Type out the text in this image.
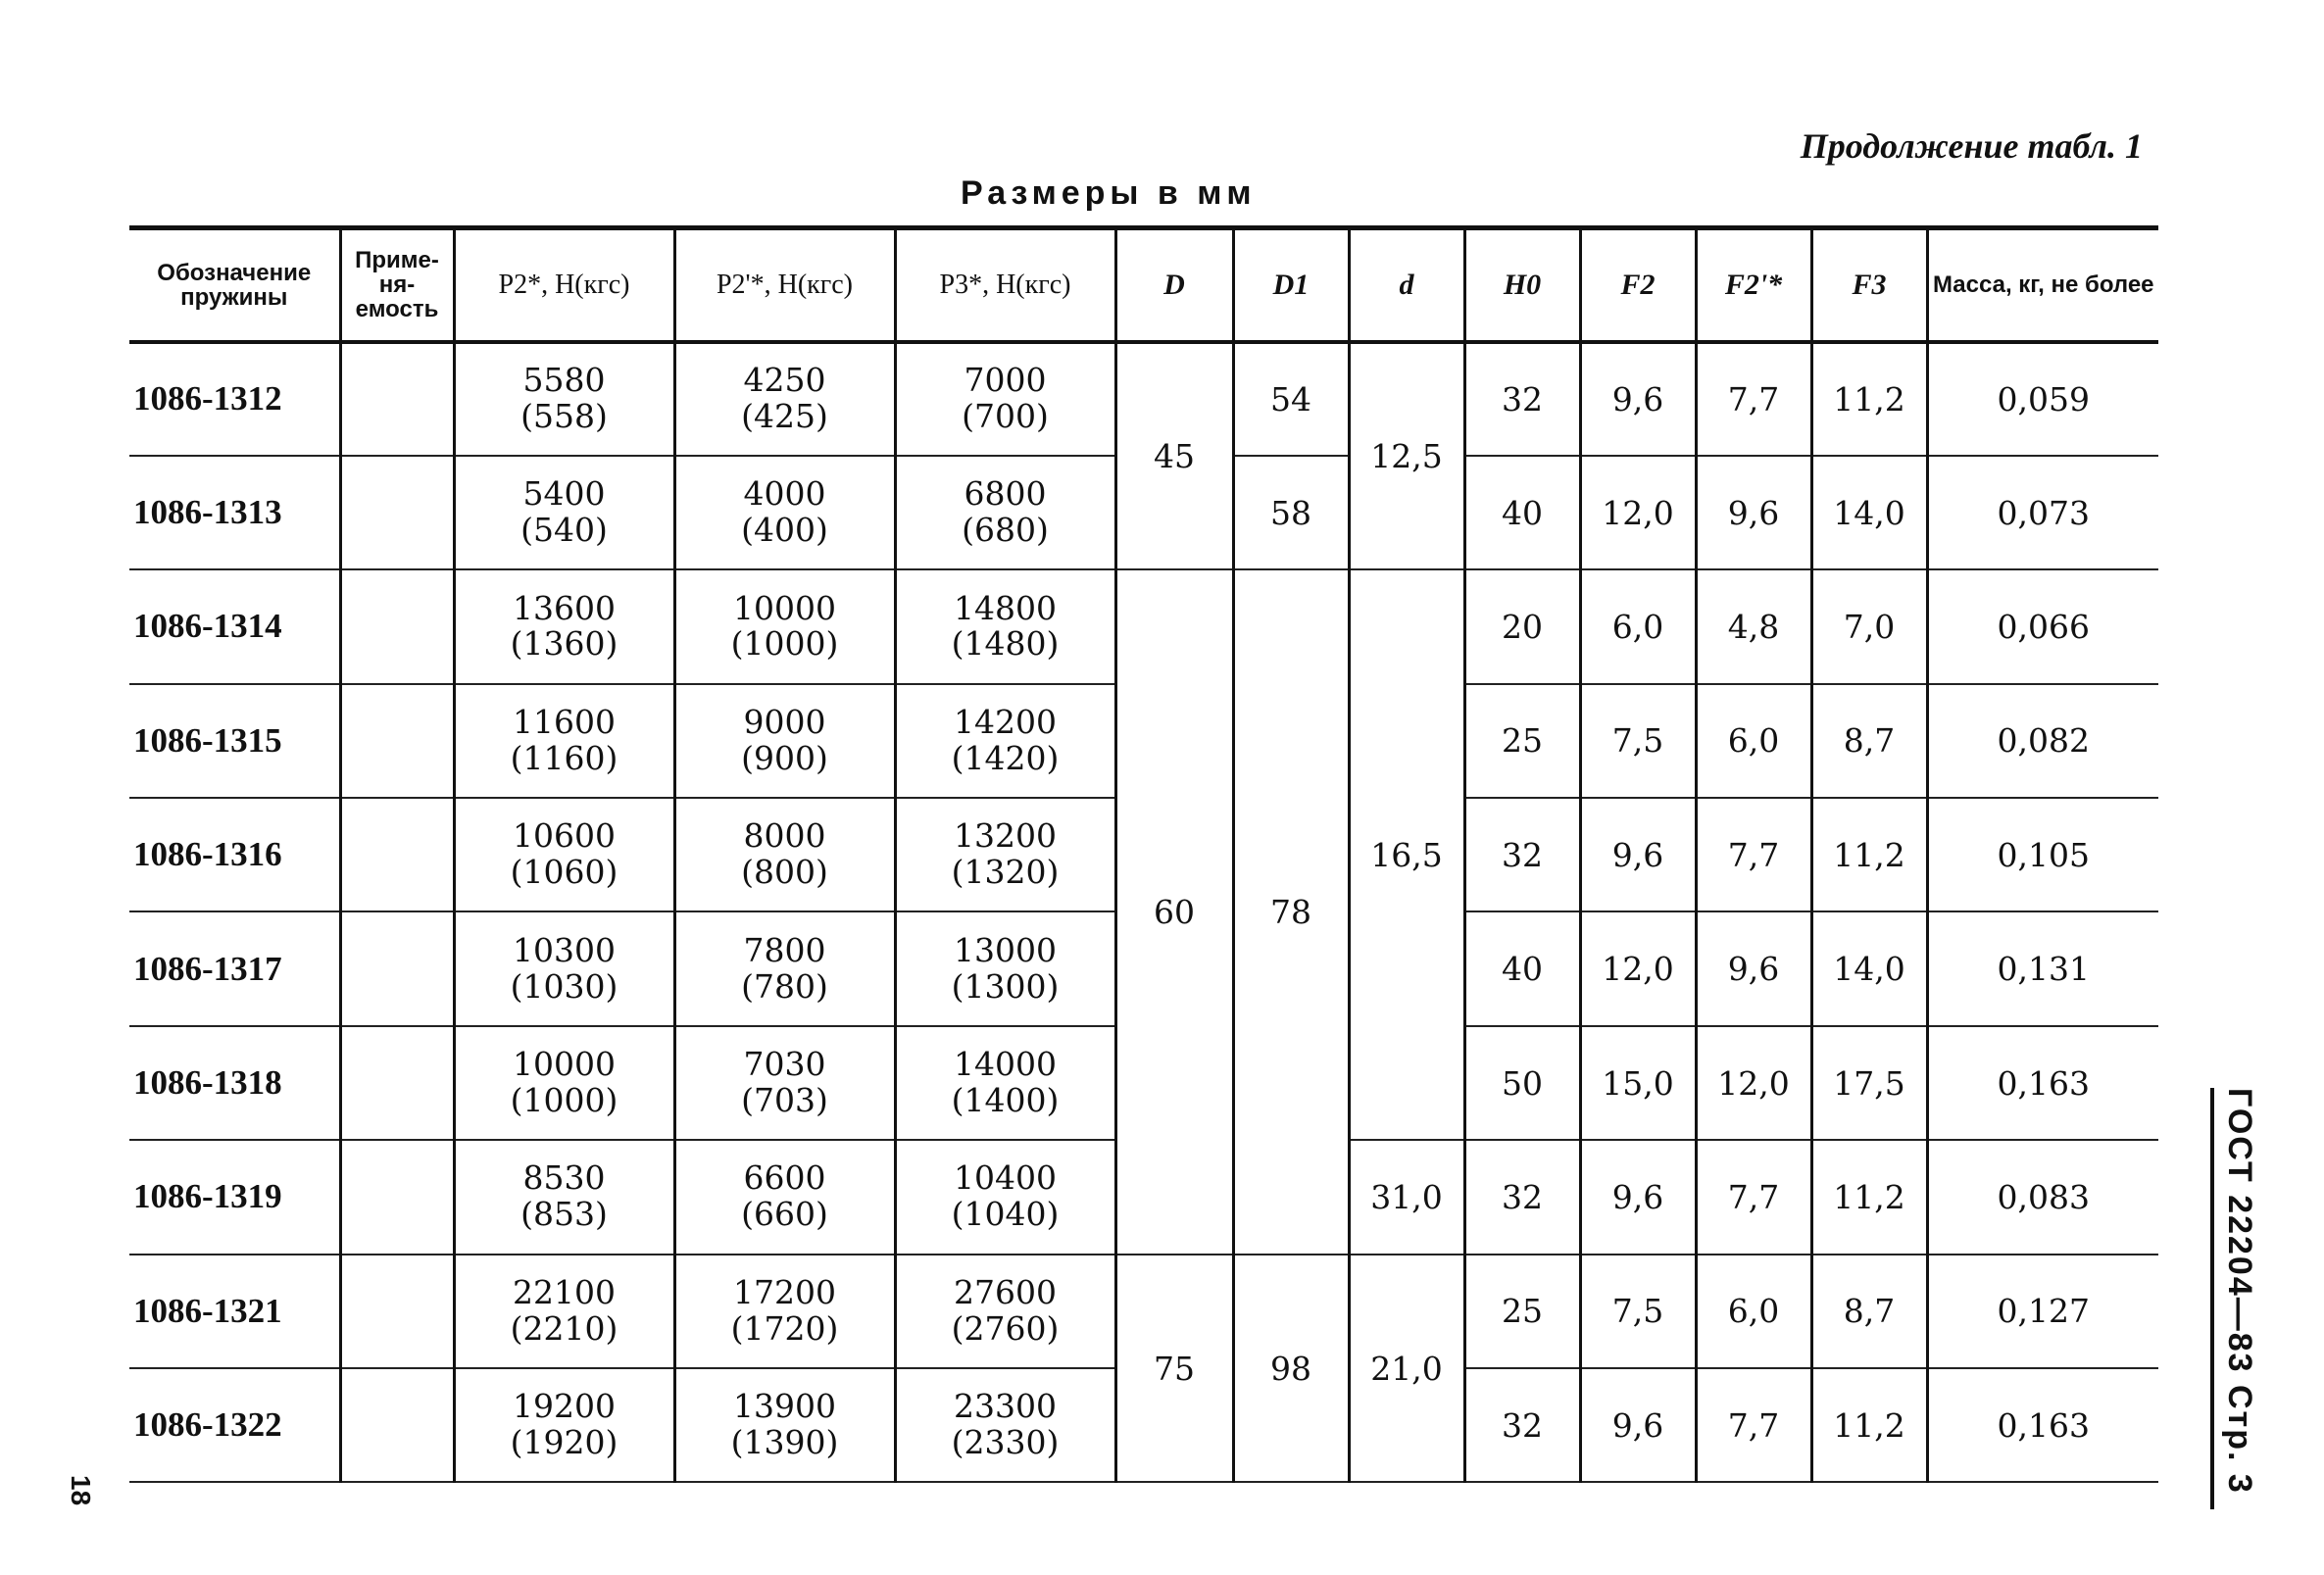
Продолжение табл. 1
Размеры в мм
Обозначение пружины	Приме-ня-емость	P2*, Н(кгс)	P2'*, Н(кгс)	P3*, Н(кгс)	D	D1	d	H0	F2	F2'*	F3	Масса, кг, не более
1086-1312		5580
(558)	4250
(425)	7000
(700)	45	54	12,5	32	9,6	7,7	11,2	0,059
1086-1313		5400
(540)	4000
(400)	6800
(680)		58		40	12,0	9,6	14,0	0,073
1086-1314		13600
(1360)	10000
(1000)	14800
(1480)	60	78	16,5	20	6,0	4,8	7,0	0,066
1086-1315		11600
(1160)	9000
(900)	14200
(1420)				25	7,5	6,0	8,7	0,082
1086-1316		10600
(1060)	8000
(800)	13200
(1320)				32	9,6	7,7	11,2	0,105
1086-1317		10300
(1030)	7800
(780)	13000
(1300)				40	12,0	9,6	14,0	0,131
1086-1318		10000
(1000)	7030
(703)	14000
(1400)				50	15,0	12,0	17,5	0,163
1086-1319		8530
(853)	6600
(660)	10400
(1040)			31,0	32	9,6	7,7	11,2	0,083
1086-1321		22100
(2210)	17200
(1720)	27600
(2760)	75	98	21,0	25	7,5	6,0	8,7	0,127
1086-1322		19200
(1920)	13900
(1390)	23300
(2330)				32	9,6	7,7	11,2	0,163	ГОСТ 22204—83 Стр. 3
18
